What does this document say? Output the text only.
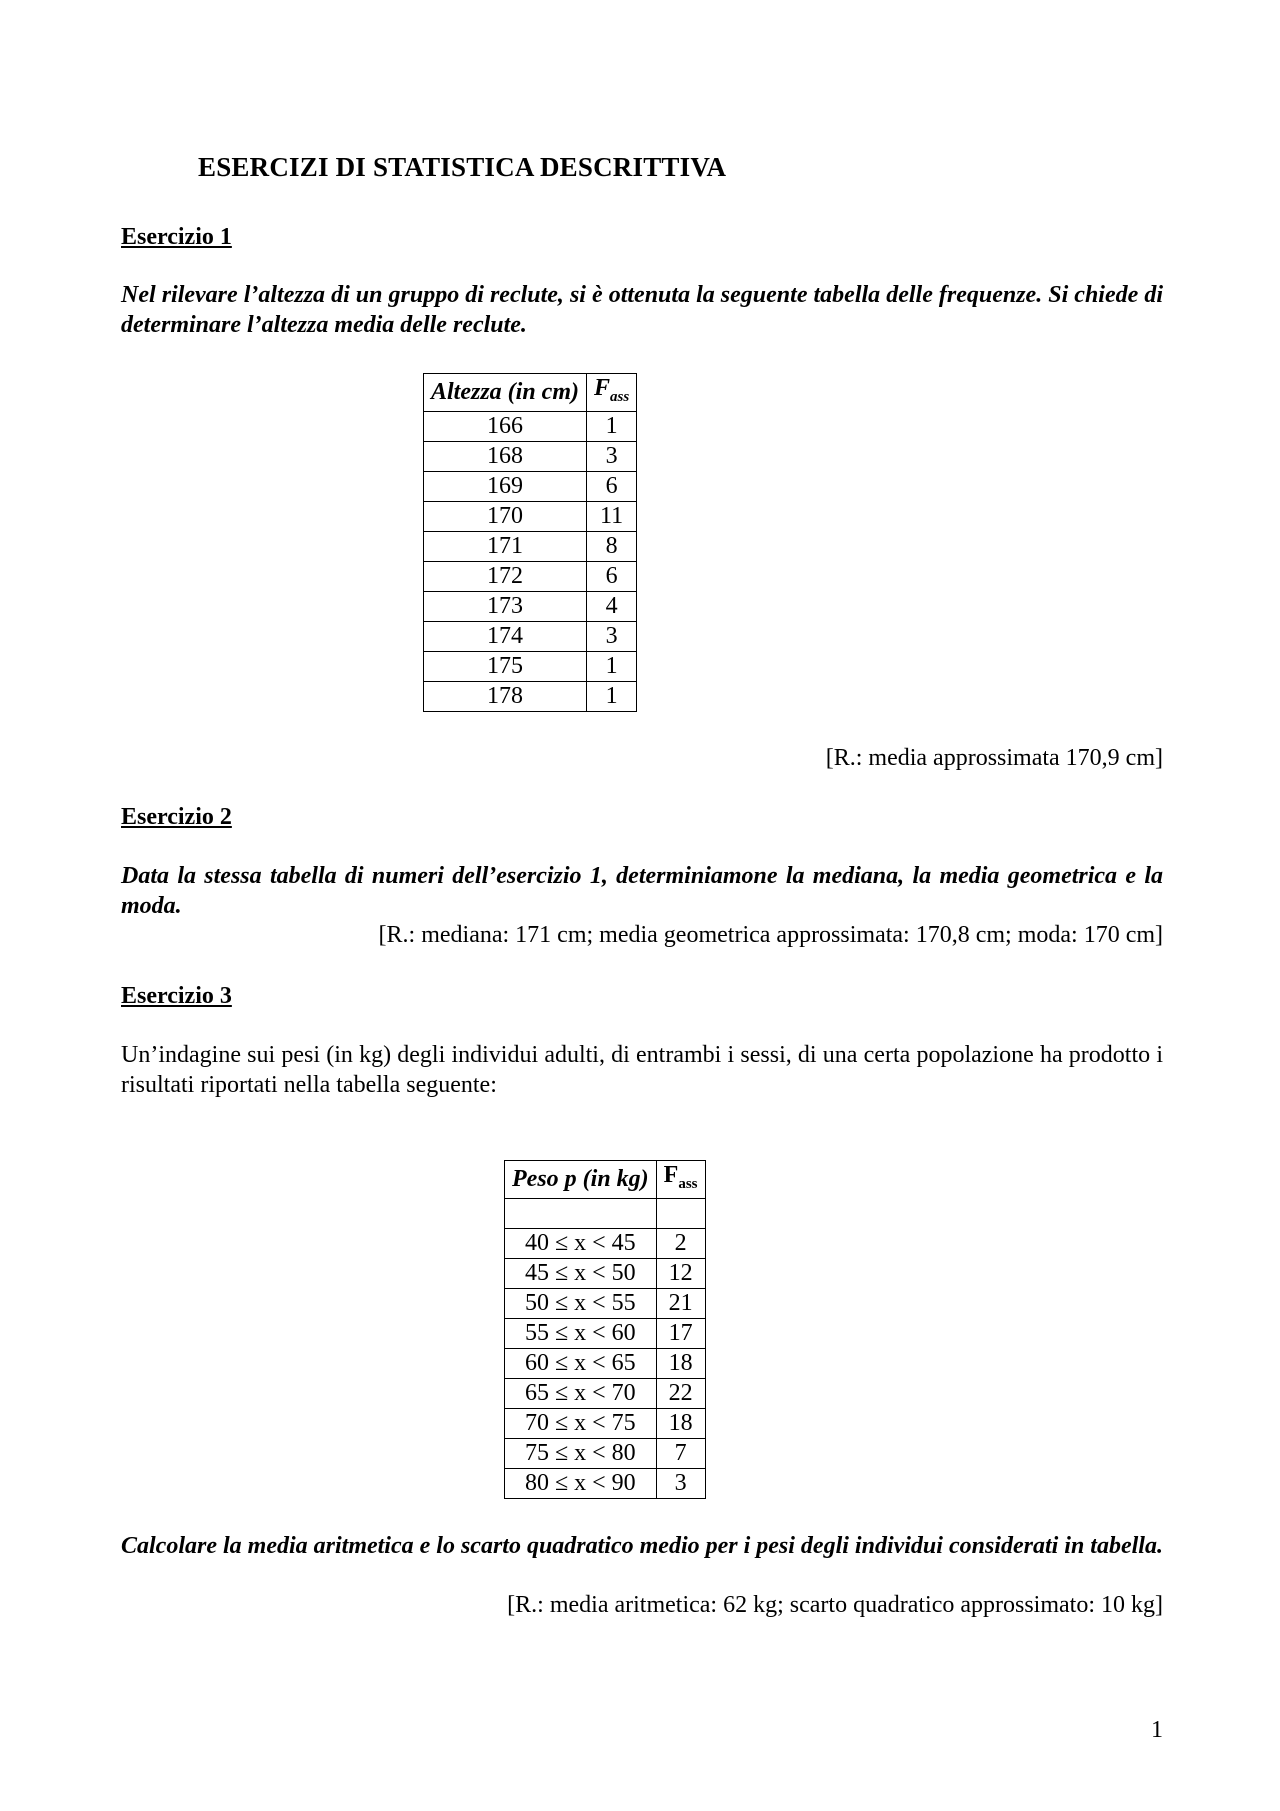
ESERCIZI DI STATISTICA DESCRITTIVA
Esercizio 1
Nel rilevare l’altezza di un gruppo di reclute, si è ottenuta la seguente tabella delle frequenze. Si chiede di determinare l’altezza media delle reclute.
Altezza (in cm)	$F_{ass}$
166	1
168	3
169	6
170	11
171	8
172	6
173	4
174	3
175	1
178	1
[R.: media approssimata 170,9 cm]
Esercizio 2
Data la stessa tabella di numeri dell’esercizio 1, determiniamone la mediana, la media geometrica e la moda.
[R.: mediana: 171 cm; media geometrica approssimata: 170,8 cm; moda: 170 cm]
Esercizio 3
Un’indagine sui pesi (in kg) degli individui adulti, di entrambi i sessi, di una certa popolazione ha prodotto i risultati riportati nella tabella seguente:
Peso p (in kg)	$F_{ass}$

40 ≤ x < 45	2
45 ≤ x < 50	12
50 ≤ x < 55	21
55 ≤ x < 60	17
60 ≤ x < 65	18
65 ≤ x < 70	22
70 ≤ x < 75	18
75 ≤ x < 80	7
80 ≤ x < 90	3
Calcolare la media aritmetica e lo scarto quadratico medio per i pesi degli individui considerati in tabella.
[R.: media aritmetica: 62 kg; scarto quadratico approssimato: 10 kg]
1
